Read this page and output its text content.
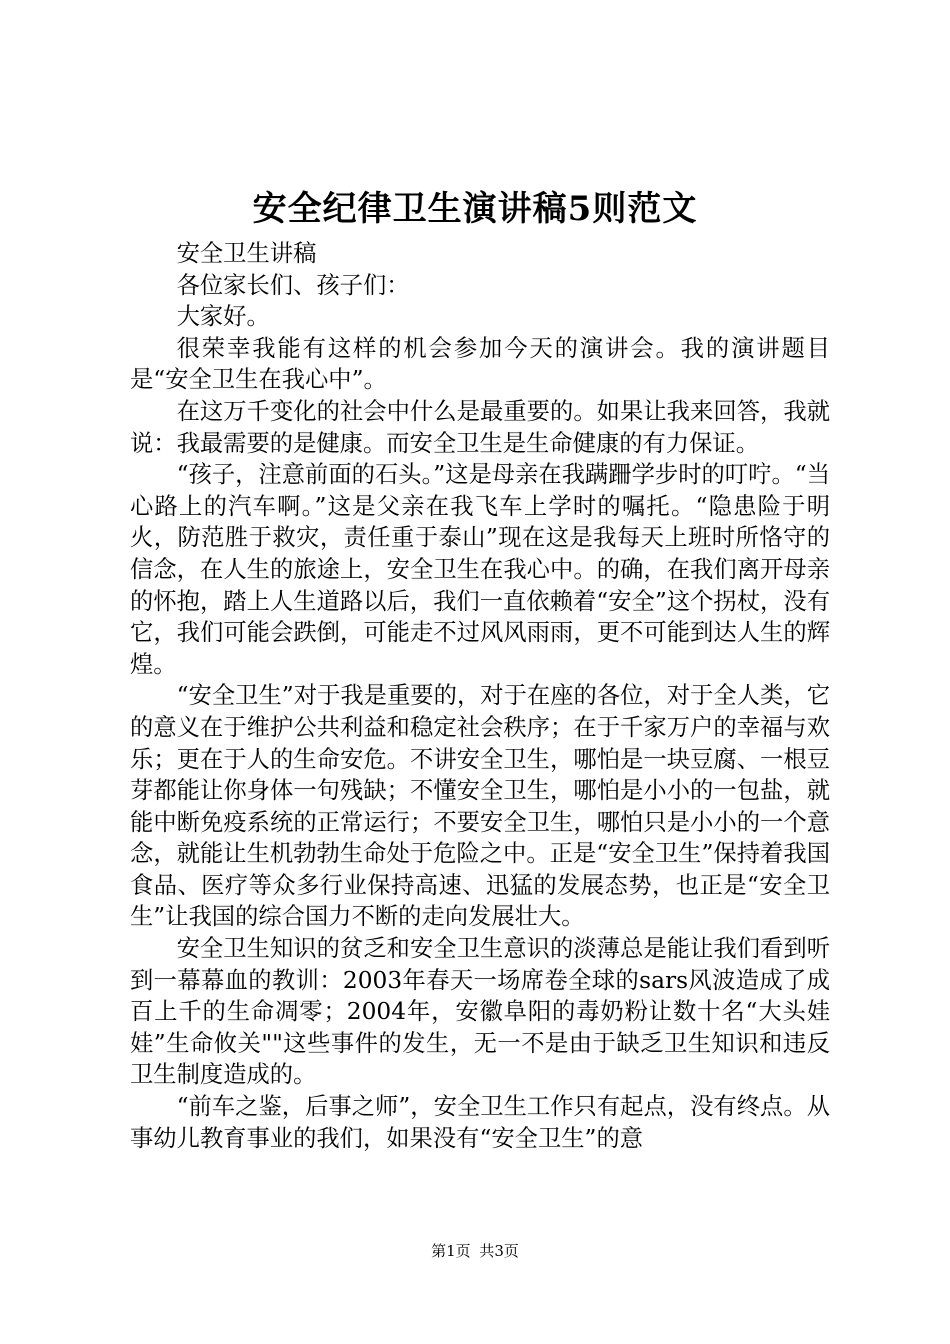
安全纪律卫生演讲稿5则范文

安全卫生讲稿

各位家长们、孩子们：

大家好。

很荣幸我能有这样的机会参加今天的演讲会。我的演讲题目是“安全卫生在我心中”。

在这万千变化的社会中什么是最重要的。如果让我来回答，我就说：我最需要的是健康。而安全卫生是生命健康的有力保证。

“孩子，注意前面的石头。”这是母亲在我蹒跚学步时的叮咛。“当心路上的汽车啊。”这是父亲在我飞车上学时的嘱托。“隐患险于明火，防范胜于救灾，责任重于泰山”现在这是我每天上班时所恪守的信念，在人生的旅途上，安全卫生在我心中。的确，在我们离开母亲的怀抱，踏上人生道路以后，我们一直依赖着“安全”这个拐杖，没有它，我们可能会跌倒，可能走不过风风雨雨，更不可能到达人生的辉煌。

“安全卫生”对于我是重要的，对于在座的各位，对于全人类，它的意义在于维护公共利益和稳定社会秩序；在于千家万户的幸福与欢乐；更在于人的生命安危。不讲安全卫生，哪怕是一块豆腐、一根豆芽都能让你身体一句残缺；不懂安全卫生，哪怕是小小的一包盐，就能中断免疫系统的正常运行；不要安全卫生，哪怕只是小小的一个意念，就能让生机勃勃生命处于危险之中。正是“安全卫生”保持着我国食品、医疗等众多行业保持高速、迅猛的发展态势，也正是“安全卫生”让我国的综合国力不断的走向发展壮大。

安全卫生知识的贫乏和安全卫生意识的淡薄总是能让我们看到听到一幕幕血的教训：2003年春天一场席卷全球的sars风波造成了成百上千的生命凋零；2004年，安徽阜阳的毒奶粉让数十名“大头娃娃”生命攸关""这些事件的发生，无一不是由于缺乏卫生知识和违反卫生制度造成的。

“前车之鉴，后事之师”，安全卫生工作只有起点，没有终点。从事幼儿教育事业的我们，如果没有“安全卫生”的意

第1页 共3页
